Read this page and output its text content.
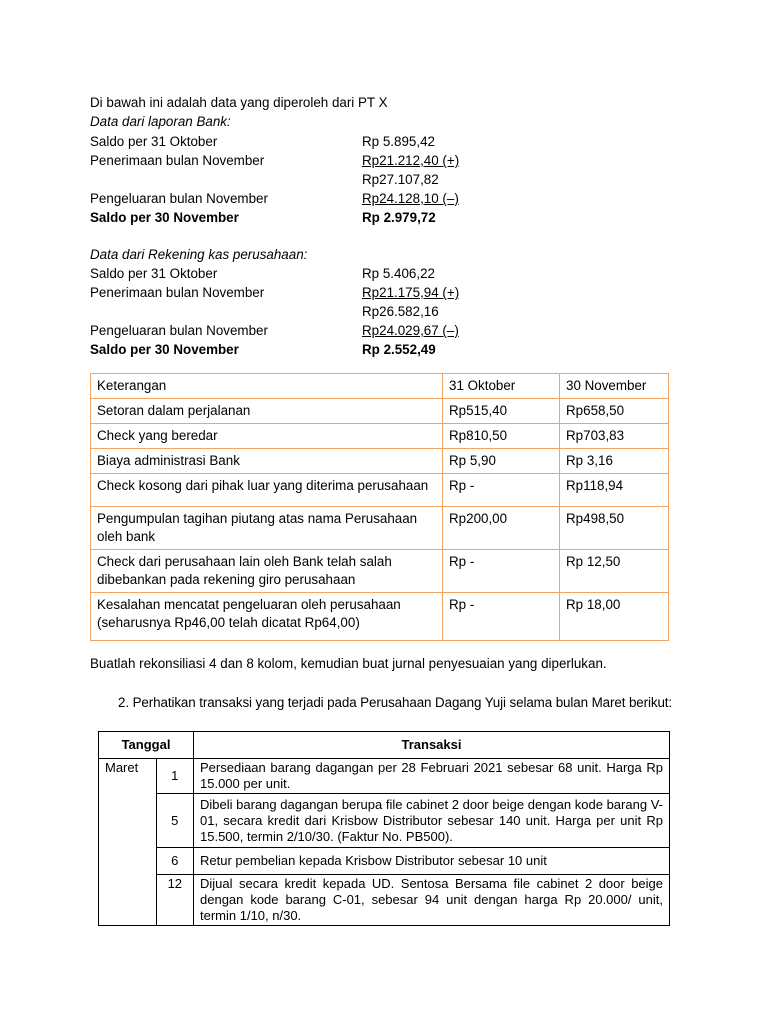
Di bawah ini adalah data yang diperoleh dari PT X
Data dari laporan Bank:
Saldo per 31 Oktober	Rp 5.895,42
Penerimaan bulan November	Rp21.212,40 (+)
Rp27.107,82
Pengeluaran bulan November	Rp24.128,10 (–)
Saldo per 30 November	Rp 2.979,72
Data dari Rekening kas perusahaan:
Saldo per 31 Oktober	Rp 5.406,22
Penerimaan bulan November	Rp21.175,94 (+)
Rp26.582,16
Pengeluaran bulan November	Rp24.029,67 (–)
Saldo per 30 November	Rp 2.552,49
Keterangan	31 Oktober	30 November
Setoran dalam perjalanan	Rp515,40	Rp658,50
Check yang beredar	Rp810,50	Rp703,83
Biaya administrasi Bank	Rp 5,90	Rp 3,16
Check kosong dari pihak luar yang diterima perusahaan	Rp -	Rp118,94
Pengumpulan tagihan piutang atas nama Perusahaan oleh bank	Rp200,00	Rp498,50
Check dari perusahaan lain oleh Bank telah salah dibebankan pada rekening giro perusahaan	Rp -	Rp 12,50
Kesalahan mencatat pengeluaran oleh perusahaan (seharusnya Rp46,00 telah dicatat Rp64,00)	Rp -	Rp 18,00
Buatlah rekonsiliasi 4 dan 8 kolom, kemudian buat jurnal penyesuaian yang diperlukan.
2. Perhatikan transaksi yang terjadi pada Perusahaan Dagang Yuji selama bulan Maret berikut:
Tanggal		Transaksi
Maret	1	Persediaan barang dagangan per 28 Februari 2021 sebesar 68 unit. Harga Rp 15.000 per unit.
	5	Dibeli barang dagangan berupa file cabinet 2 door beige dengan kode barang V-01, secara kredit dari Krisbow Distributor sebesar 140 unit. Harga per unit Rp 15.500, termin 2/10/30. (Faktur No. PB500).
	6	Retur pembelian kepada Krisbow Distributor sebesar 10 unit
	12	Dijual secara kredit kepada UD. Sentosa Bersama file cabinet 2 door beige dengan kode barang C-01, sebesar 94 unit dengan harga Rp 20.000/ unit, termin 1/10, n/30.
